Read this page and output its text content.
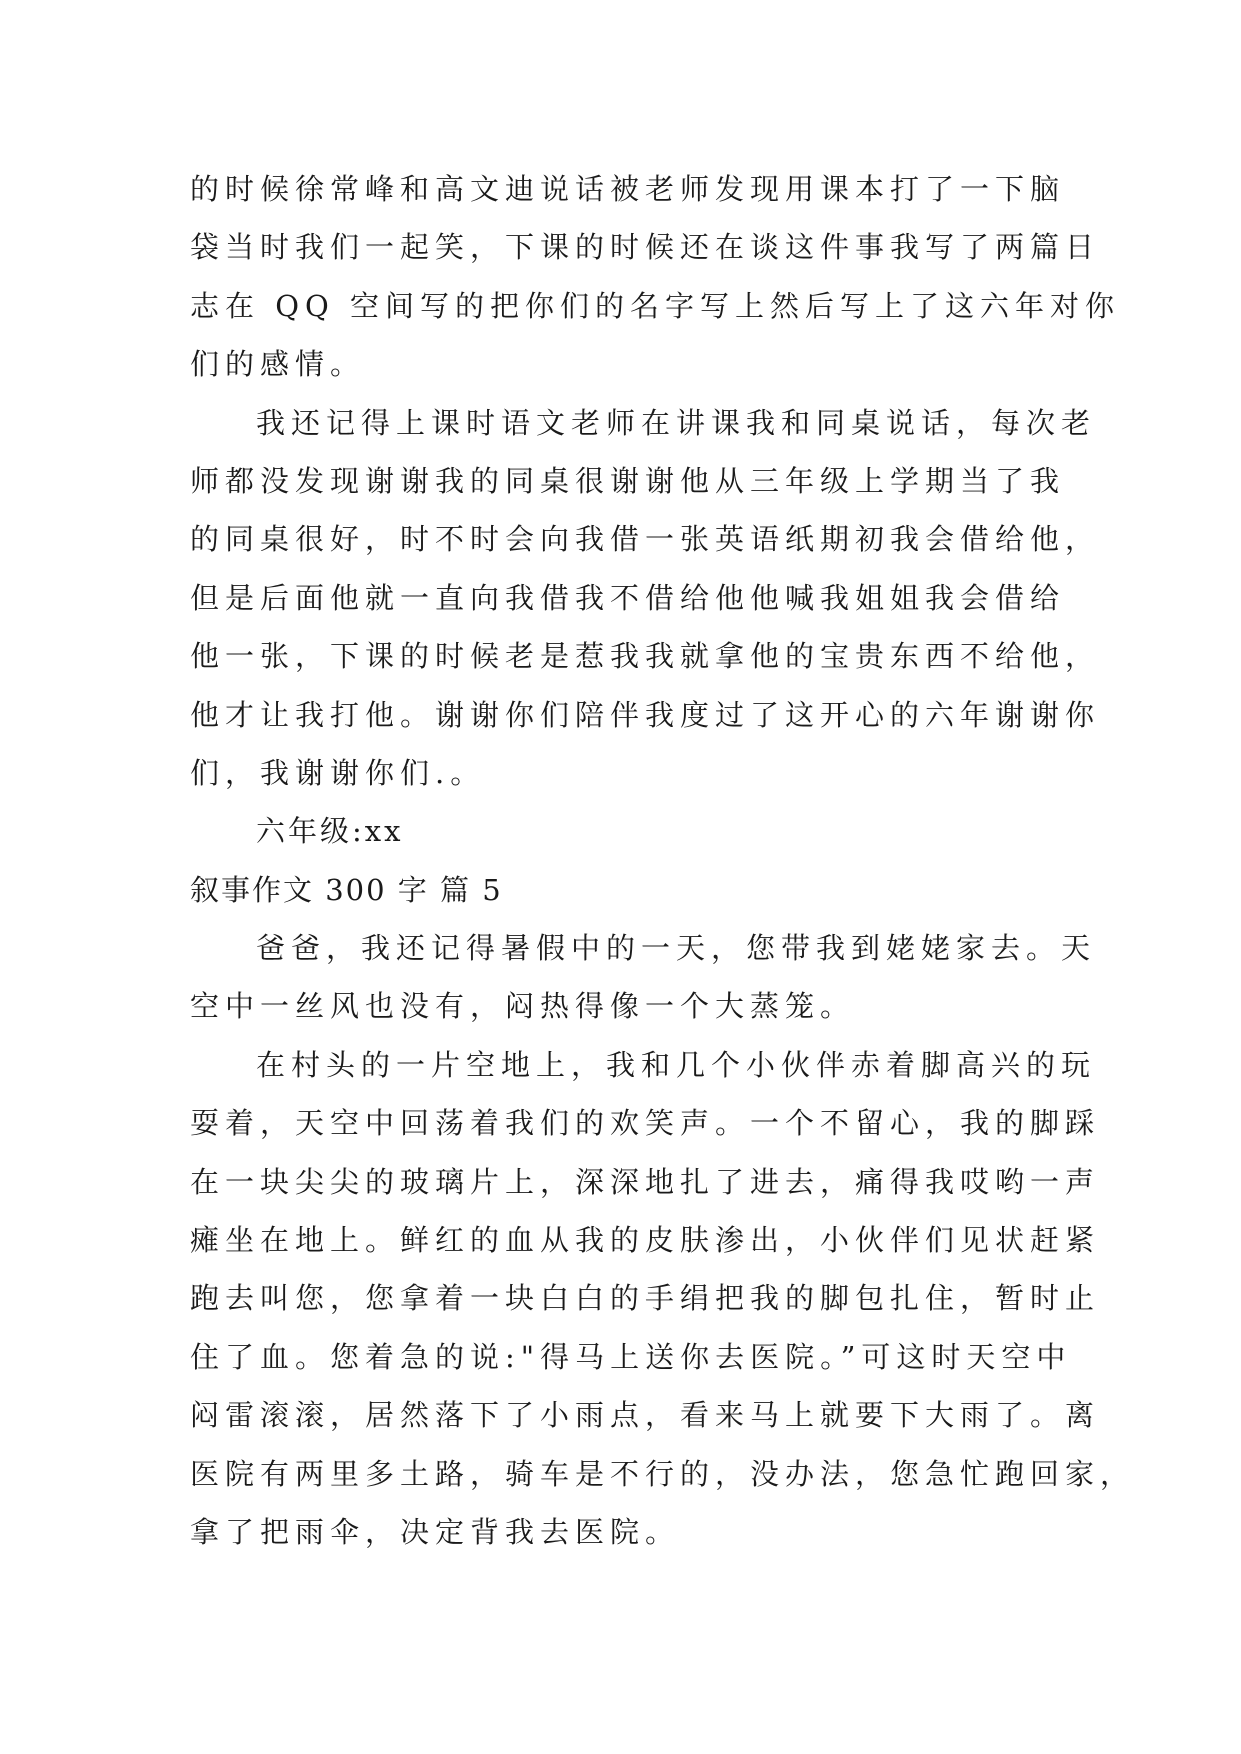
的时候徐常峰和高文迪说话被老师发现用课本打了一下脑
袋当时我们一起笑，下课的时候还在谈这件事我写了两篇日
志在 QQ 空间写的把你们的名字写上然后写上了这六年对你
们的感情。
我还记得上课时语文老师在讲课我和同桌说话，每次老
师都没发现谢谢我的同桌很谢谢他从三年级上学期当了我
的同桌很好，时不时会向我借一张英语纸期初我会借给他，
但是后面他就一直向我借我不借给他他喊我姐姐我会借给
他一张，下课的时候老是惹我我就拿他的宝贵东西不给他，
他才让我打他。谢谢你们陪伴我度过了这开心的六年谢谢你
们，我谢谢你们.。
六年级:xx
叙事作文 300 字 篇 5
爸爸，我还记得暑假中的一天，您带我到姥姥家去。天
空中一丝风也没有，闷热得像一个大蒸笼。
在村头的一片空地上，我和几个小伙伴赤着脚高兴的玩
耍着，天空中回荡着我们的欢笑声。一个不留心，我的脚踩
在一块尖尖的玻璃片上，深深地扎了进去，痛得我哎哟一声
瘫坐在地上。鲜红的血从我的皮肤渗出，小伙伴们见状赶紧
跑去叫您，您拿着一块白白的手绢把我的脚包扎住，暂时止
住了血。您着急的说:"得马上送你去医院。”可这时天空中
闷雷滚滚，居然落下了小雨点，看来马上就要下大雨了。离
医院有两里多土路，骑车是不行的，没办法，您急忙跑回家，
拿了把雨伞，决定背我去医院。
